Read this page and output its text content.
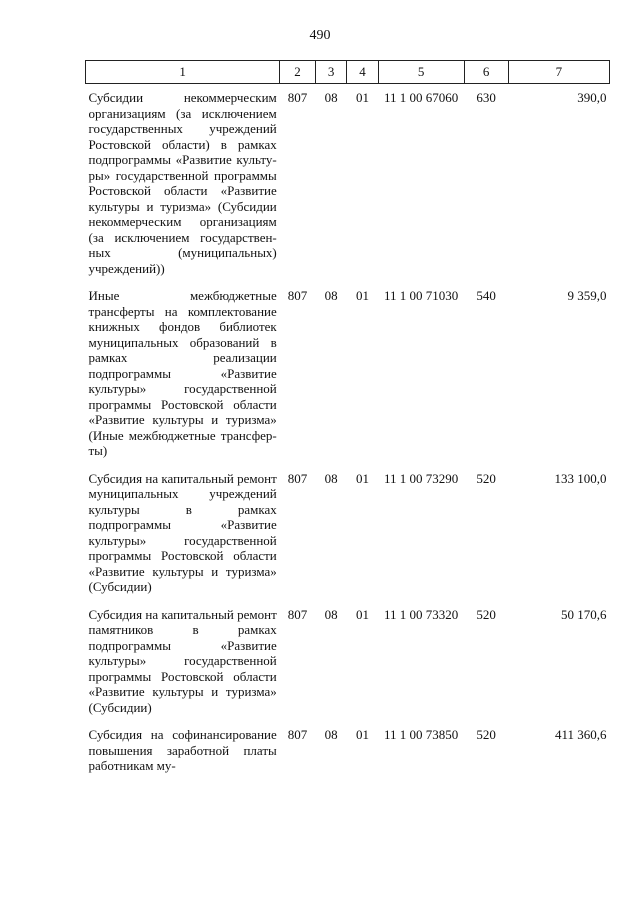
490
1	2	3	4	5	6	7
Субсидии некоммерческим организациям (за исключением государственных учреждений Ростовской области) в рамках подпрограммы «Развитие культуры» государственной программы Ростовской области «Развитие культуры и туризма» (Субсидии некоммерческим организациям (за исключением государственных (муниципальных) учреждений))	807	08	01	11 1 00 67060	630	390,0
Иные межбюджетные трансферты на комплектование книжных фондов библиотек муниципальных образований в рамках реализации подпрограммы «Развитие культуры» государственной программы Ростовской области «Развитие культуры и туризма» (Иные межбюджетные трансферты)	807	08	01	11 1 00 71030	540	9 359,0
Субсидия на капитальный ремонт муниципальных учреждений культуры в рамках подпрограммы «Развитие культуры» государственной программы Ростовской области «Развитие культуры и туризма» (Субсидии)	807	08	01	11 1 00 73290	520	133 100,0
Субсидия на капитальный ремонт памятников в рамках подпрограммы «Развитие культуры» государственной программы Ростовской области «Развитие культуры и туризма» (Субсидии)	807	08	01	11 1 00 73320	520	50 170,6
Субсидия на софинансирование повышения заработной платы работникам му-	807	08	01	11 1 00 73850	520	411 360,6
